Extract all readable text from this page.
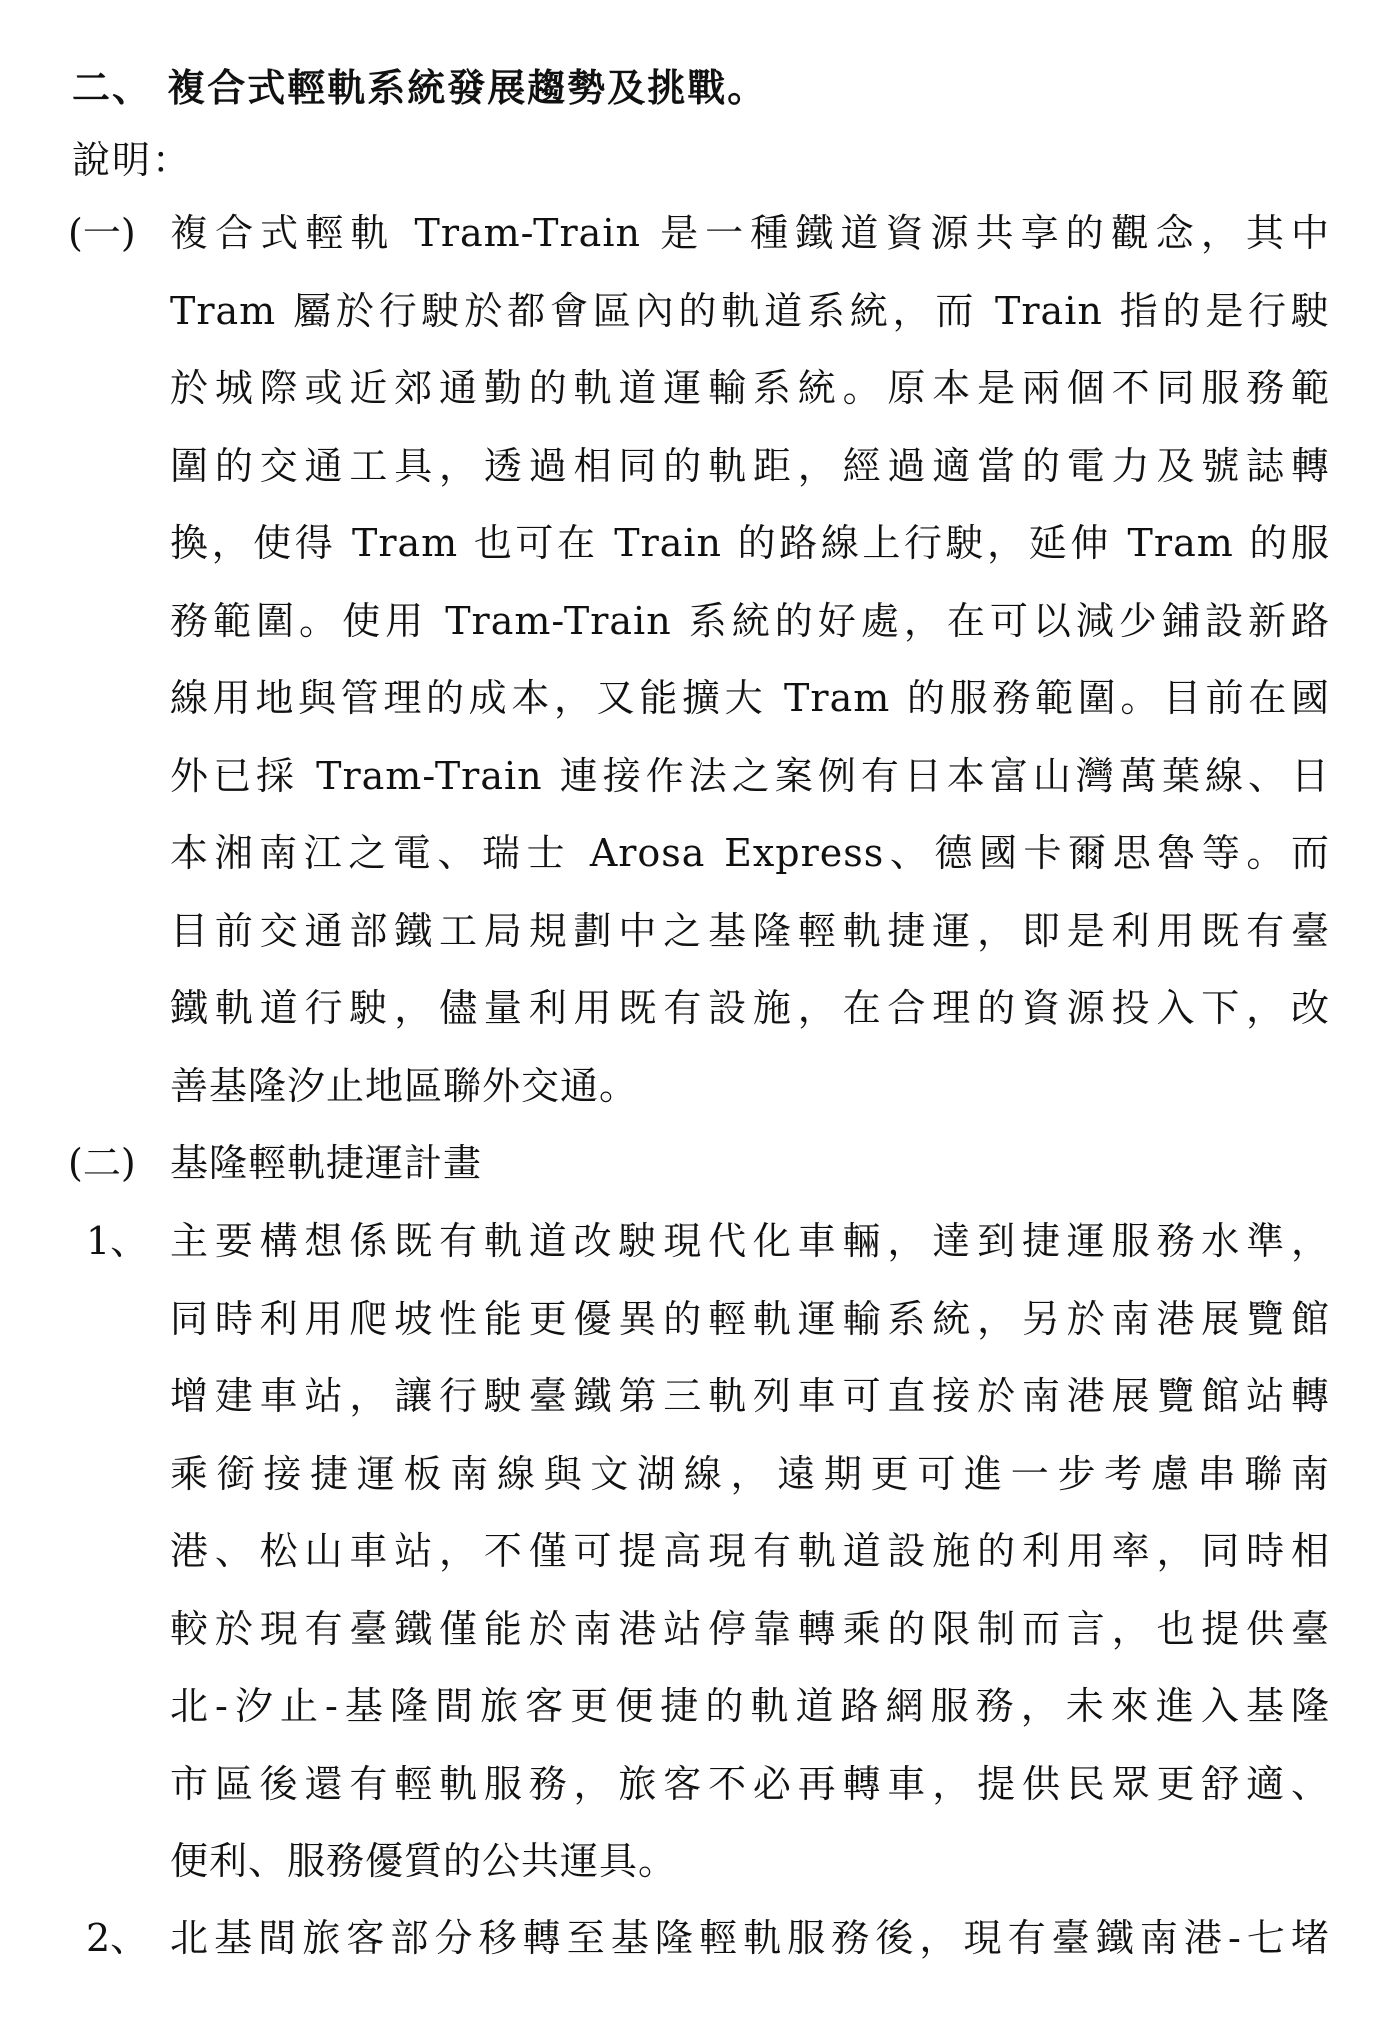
二、 複合式輕軌系統發展趨勢及挑戰。
說明：
(一) 複合式輕軌 Tram-Train 是一種鐵道資源共享的觀念，其中
Tram 屬於行駛於都會區內的軌道系統，而 Train 指的是行駛
於城際或近郊通勤的軌道運輸系統。原本是兩個不同服務範
圍的交通工具，透過相同的軌距，經過適當的電力及號誌轉
換，使得 Tram 也可在 Train 的路線上行駛，延伸 Tram 的服
務範圍。使用 Tram-Train 系統的好處，在可以減少鋪設新路
線用地與管理的成本，又能擴大 Tram 的服務範圍。目前在國
外已採 Tram-Train 連接作法之案例有日本富山灣萬葉線、日
本湘南江之電、瑞士 Arosa Express、德國卡爾思魯等。而
目前交通部鐵工局規劃中之基隆輕軌捷運，即是利用既有臺
鐵軌道行駛，儘量利用既有設施，在合理的資源投入下，改
善基隆汐止地區聯外交通。
(二) 基隆輕軌捷運計畫
1、 主要構想係既有軌道改駛現代化車輛，達到捷運服務水準，
同時利用爬坡性能更優異的輕軌運輸系統，另於南港展覽館
增建車站，讓行駛臺鐵第三軌列車可直接於南港展覽館站轉
乘銜接捷運板南線與文湖線，遠期更可進一步考慮串聯南
港、松山車站，不僅可提高現有軌道設施的利用率，同時相
較於現有臺鐵僅能於南港站停靠轉乘的限制而言，也提供臺
北-汐止-基隆間旅客更便捷的軌道路網服務，未來進入基隆
市區後還有輕軌服務，旅客不必再轉車，提供民眾更舒適、
便利、服務優質的公共運具。
2、 北基間旅客部分移轉至基隆輕軌服務後，現有臺鐵南港-七堵
